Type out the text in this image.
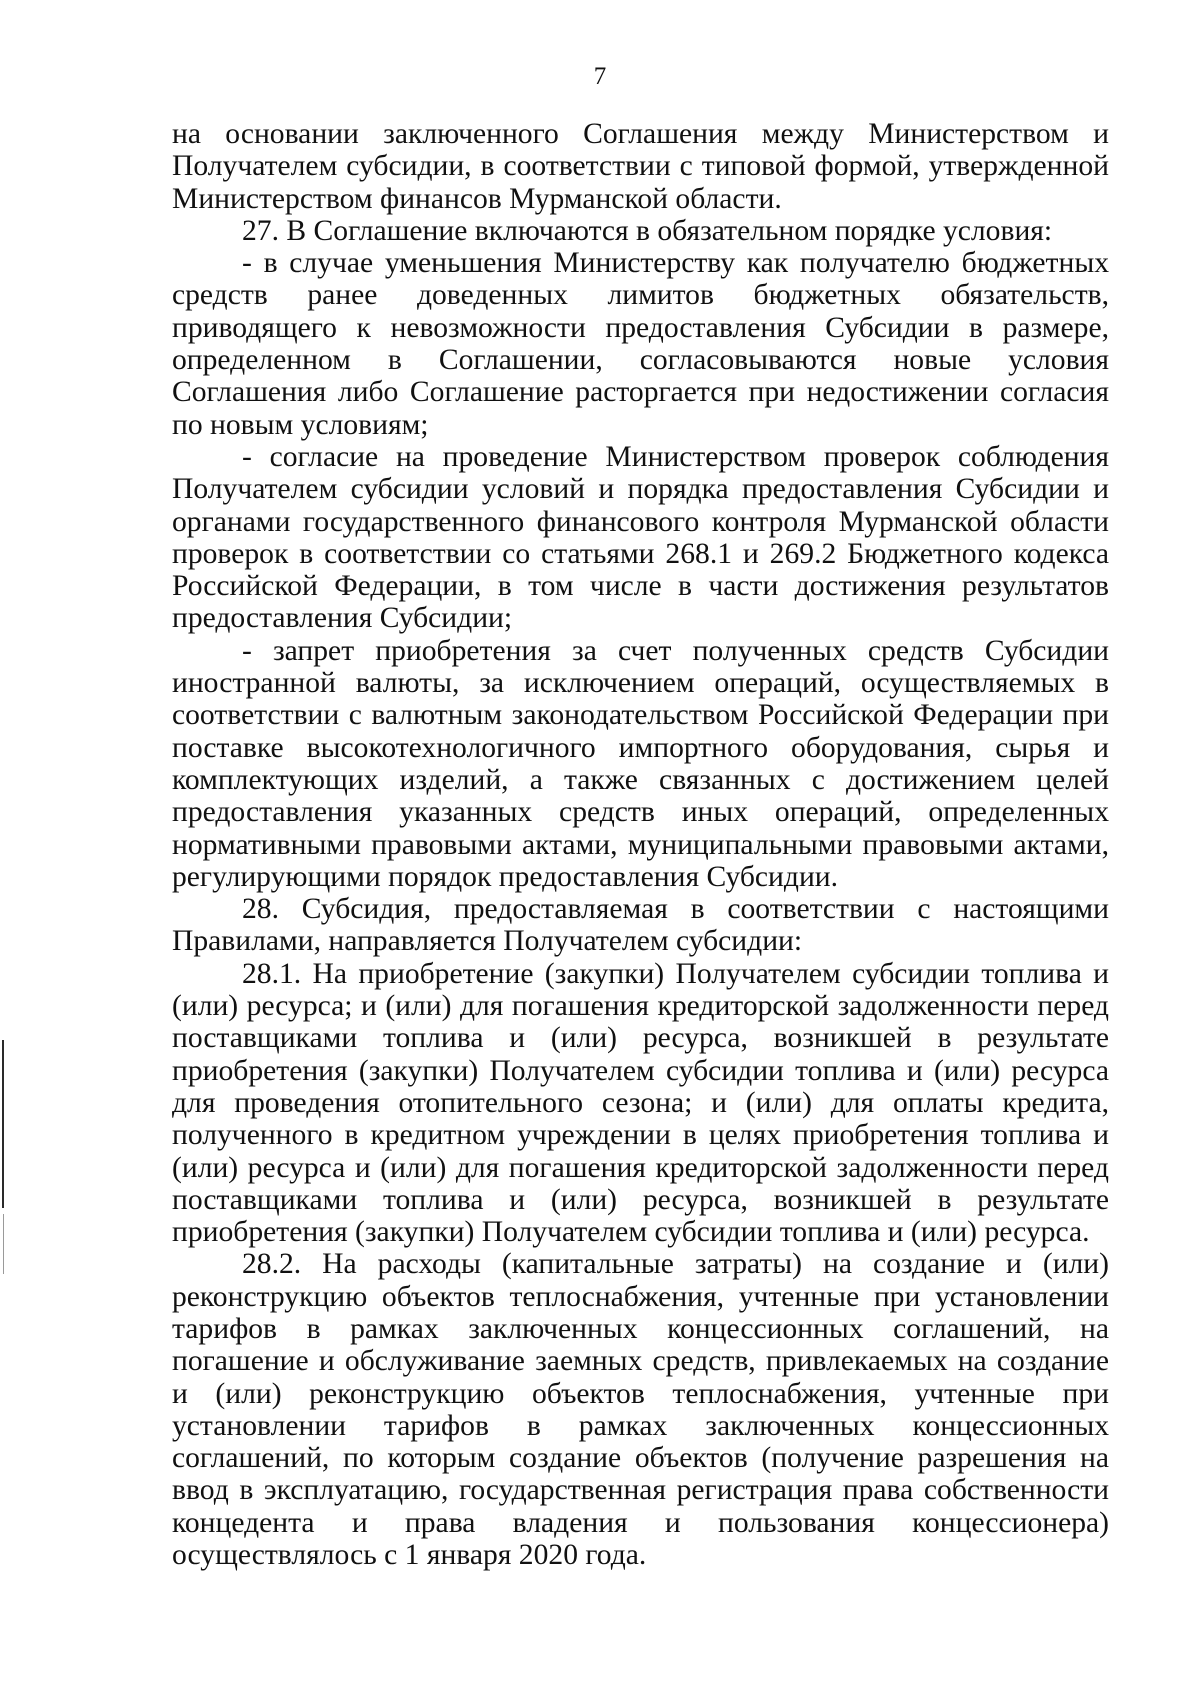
7

на основании заключенного Соглашения между Министерством и Получателем субсидии, в соответствии с типовой формой, утвержденной Министерством финансов Мурманской области.

27. В Соглашение включаются в обязательном порядке условия:

- в случае уменьшения Министерству как получателю бюджетных средств ранее доведенных лимитов бюджетных обязательств, приводящего к невозможности предоставления Субсидии в размере, определенном в Соглашении, согласовываются новые условия Соглашения либо Соглашение расторгается при недостижении согласия по новым условиям;

- согласие на проведение Министерством проверок соблюдения Получателем субсидии условий и порядка предоставления Субсидии и органами государственного финансового контроля Мурманской области проверок в соответствии со статьями 268.1 и 269.2 Бюджетного кодекса Российской Федерации, в том числе в части достижения результатов предоставления Субсидии;

- запрет приобретения за счет полученных средств Субсидии иностранной валюты, за исключением операций, осуществляемых в соответствии с валютным законодательством Российской Федерации при поставке высокотехнологичного импортного оборудования, сырья и комплектующих изделий, а также связанных с достижением целей предоставления указанных средств иных операций, определенных нормативными правовыми актами, муниципальными правовыми актами, регулирующими порядок предоставления Субсидии.

28. Субсидия, предоставляемая в соответствии с настоящими Правилами, направляется Получателем субсидии:

28.1. На приобретение (закупки) Получателем субсидии топлива и (или) ресурса; и (или) для погашения кредиторской задолженности перед поставщиками топлива и (или) ресурса, возникшей в результате приобретения (закупки) Получателем субсидии топлива и (или) ресурса для проведения отопительного сезона; и (или) для оплаты кредита, полученного в кредитном учреждении в целях приобретения топлива и (или) ресурса и (или) для погашения кредиторской задолженности перед поставщиками топлива и (или) ресурса, возникшей в результате приобретения (закупки) Получателем субсидии топлива и (или) ресурса.

28.2. На расходы (капитальные затраты) на создание и (или) реконструкцию объектов теплоснабжения, учтенные при установлении тарифов в рамках заключенных концессионных соглашений, на погашение и обслуживание заемных средств, привлекаемых на создание и (или) реконструкцию объектов теплоснабжения, учтенные при установлении тарифов в рамках заключенных концессионных соглашений, по которым создание объектов (получение разрешения на ввод в эксплуатацию, государственная регистрация права собственности концедента и права владения и пользования концессионера) осуществлялось с 1 января 2020 года.
